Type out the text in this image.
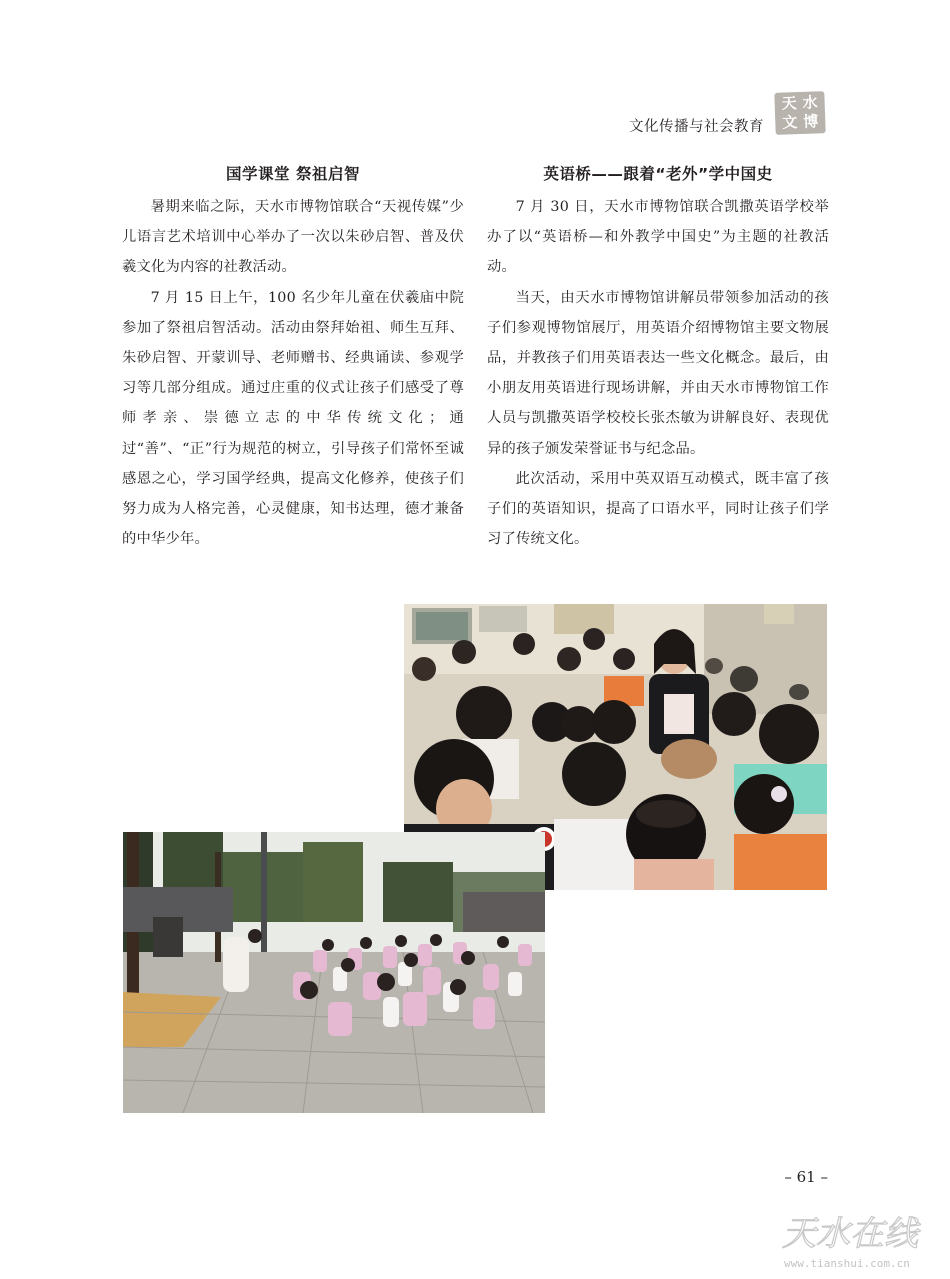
文化传播与社会教育
天 水
文 博
国学课堂 祭祖启智

暑期来临之际，天水市博物馆联合“天视传媒”少儿语言艺术培训中心举办了一次以朱砂启智、普及伏羲文化为内容的社教活动。

7 月 15 日上午，100 名少年儿童在伏羲庙中院参加了祭祖启智活动。活动由祭拜始祖、师生互拜、朱砂启智、开蒙训导、老师赠书、经典诵读、参观学习等几部分组成。通过庄重的仪式让孩子们感受了尊师孝亲、崇德立志的中华传统文化；通过“善”、“正”行为规范的树立，引导孩子们常怀至诚感恩之心，学习国学经典，提高文化修养，使孩子们努力成为人格完善，心灵健康，知书达理，德才兼备的中华少年。

英语桥——跟着“老外”学中国史

7 月 30 日，天水市博物馆联合凯撒英语学校举办了以“英语桥—和外教学中国史”为主题的社教活动。

当天，由天水市博物馆讲解员带领参加活动的孩子们参观博物馆展厅，用英语介绍博物馆主要文物展品，并教孩子们用英语表达一些文化概念。最后，由小朋友用英语进行现场讲解，并由天水市博物馆工作人员与凯撒英语学校校长张杰敏为讲解良好、表现优异的孩子颁发荣誉证书与纪念品。

此次活动，采用中英双语互动模式，既丰富了孩子们的英语知识，提高了口语水平，同时让孩子们学习了传统文化。

– 61 –
天水在线
www.tianshui.com.cn
